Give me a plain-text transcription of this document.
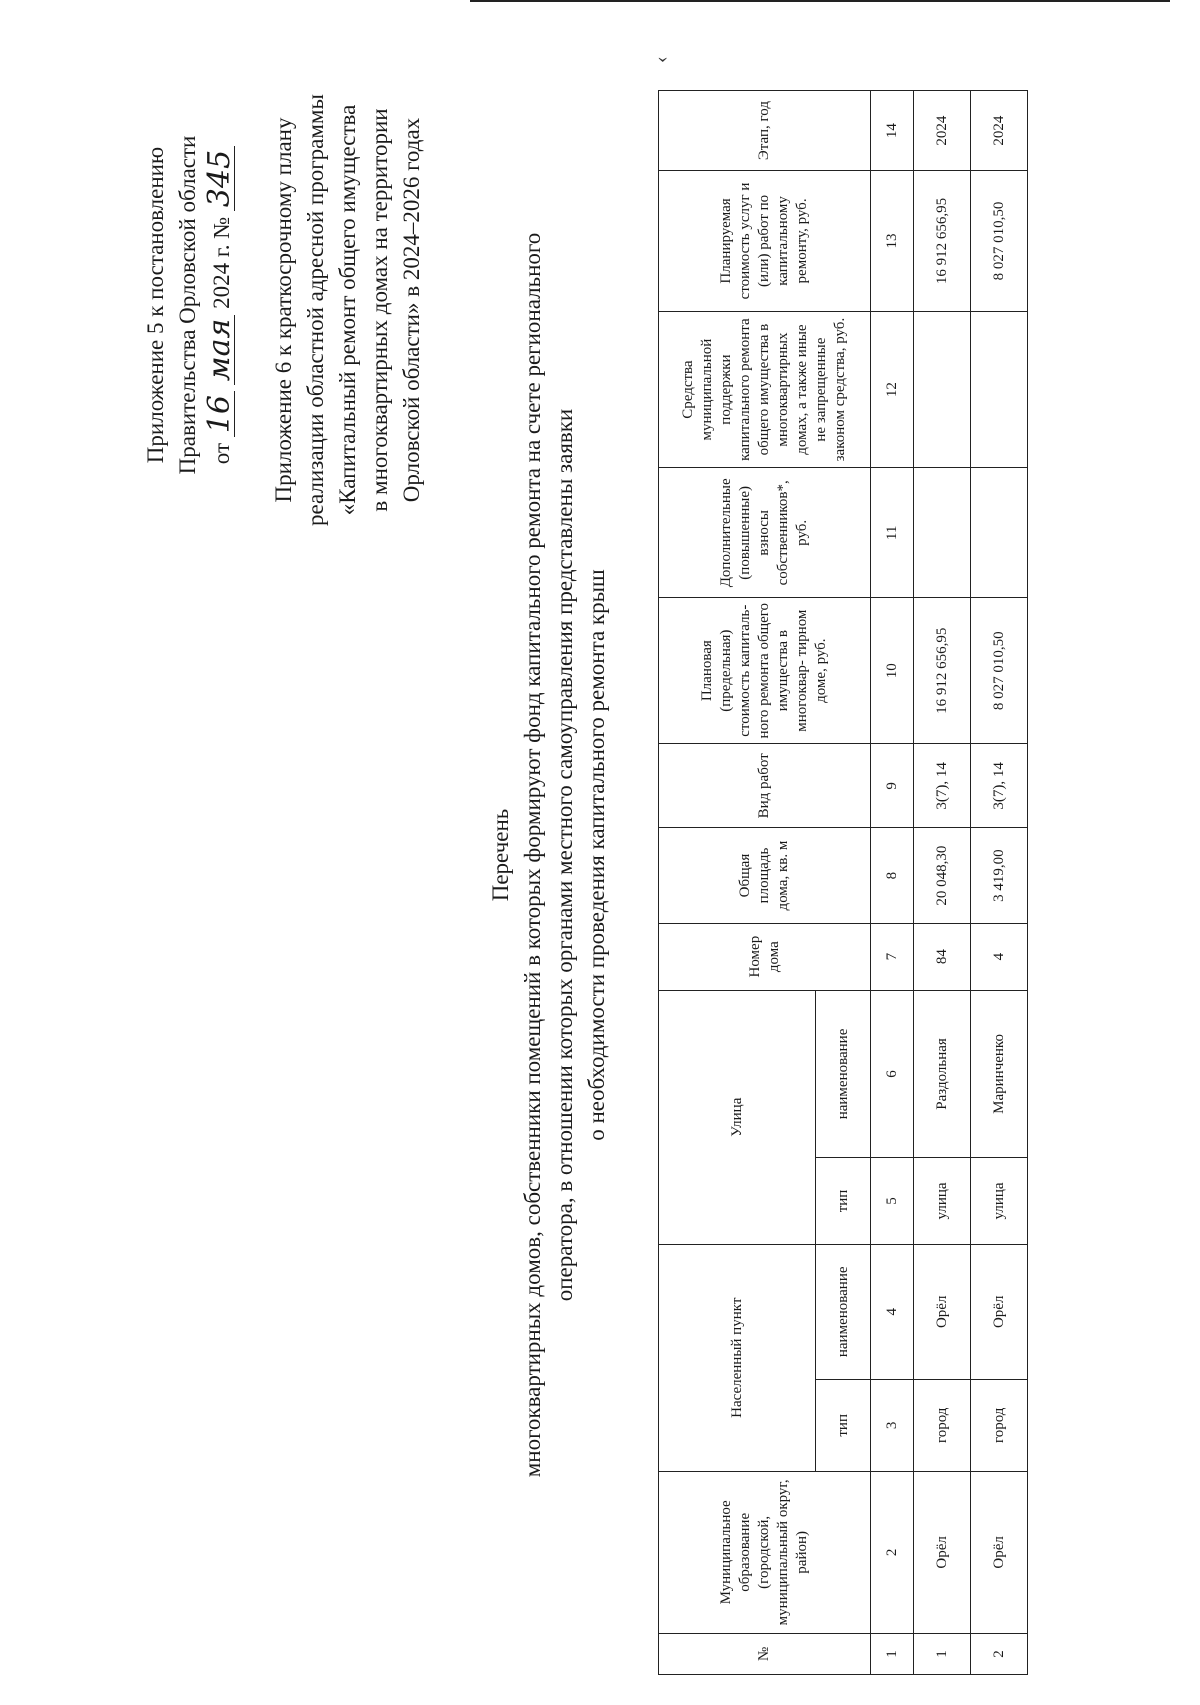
Приложение 5 к постановлению Правительства Орловской области от 16 мая 2024 г. № 345 Приложение 6 к краткосрочному плану реализации областной адресной программы «Капитальный ремонт общего имущества в многоквартирных домах на территории Орловской области» в 2024–2026 годах
Перечень многоквартирных домов, собственники помещений в которых формируют фонд капитального ремонта на счете регионального оператора, в отношении которых органами местного самоуправления представлены заявки о необходимости проведения капитального ремонта крыш
‹
№	Муниципальное образование (городской, муниципальный округ, район)	Населенный пункт		Улица		Номер дома	Общая площадь дома, кв. м	Вид работ	Плановая (предельная) стоимость капиталь- ного ремонта общего имущества в многоквар- тирном доме, руб.	Дополнительные (повышенные) взносы собственников*, руб.	Средства муниципальной поддержки капитального ремонта общего имущества в многоквартирных домах, а также иные не запрещенные законом средства, руб.	Планируемая стоимость услуг и (или) работ по капитальному ремонту, руб.	Этап, год
		тип	наименование	тип	наименование								
1	2	3	4	5	6	7	8	9	10	11	12	13	14
1	Орёл	город	Орёл	улица	Раздольная	84	20 048,30	3(7), 14	16 912 656,95			16 912 656,95	2024
2	Орёл	город	Орёл	улица	Маринченко	4	3 419,00	3(7), 14	8 027 010,50			8 027 010,50	2024
